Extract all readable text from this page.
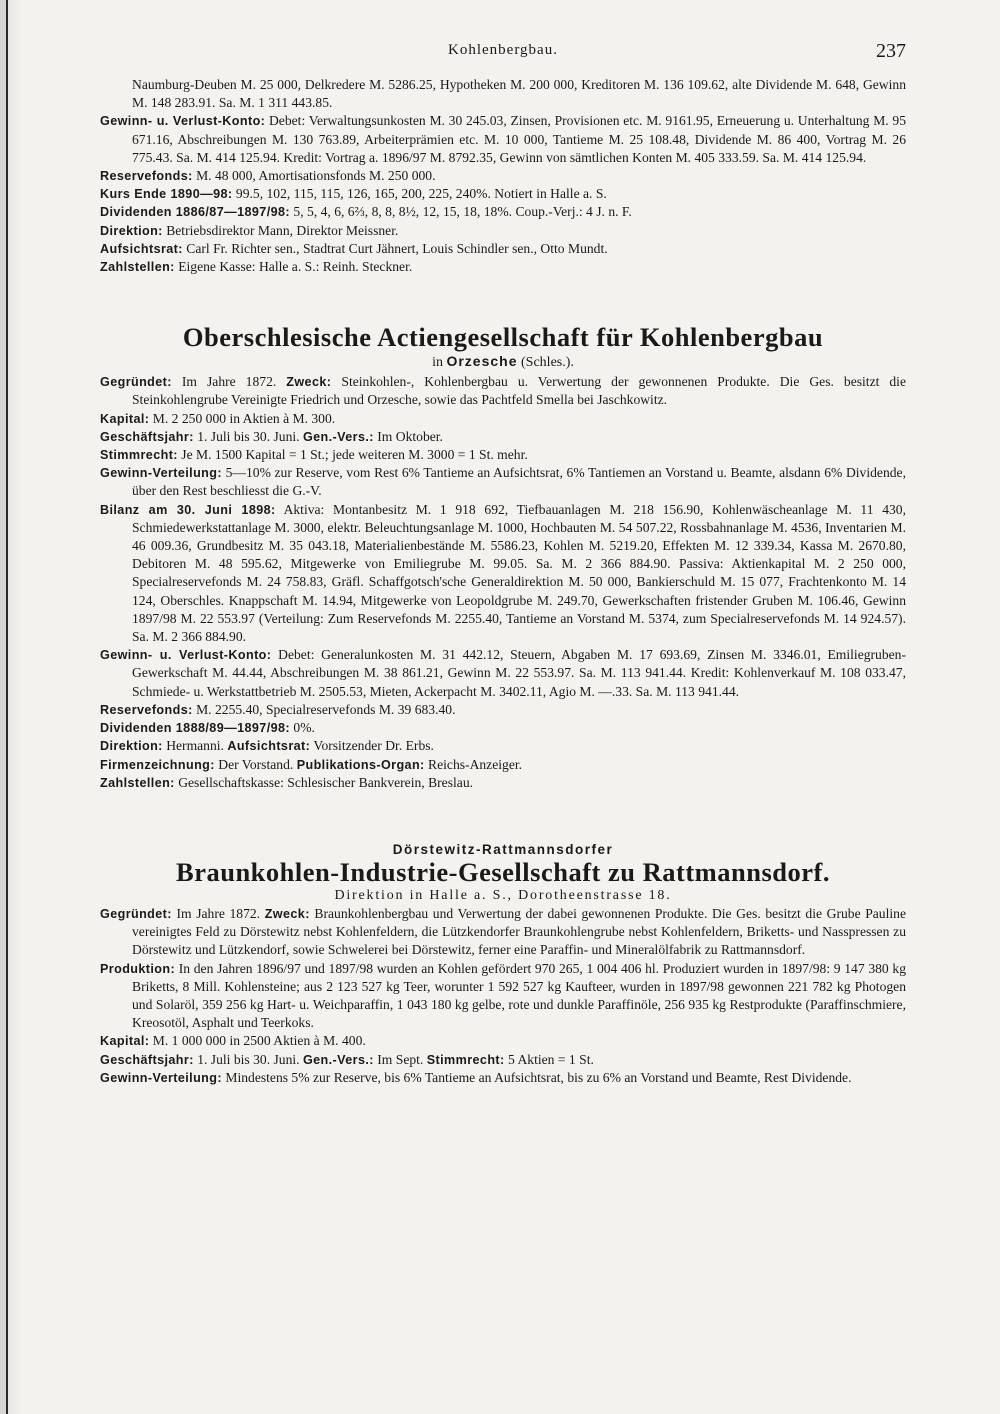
Kohlenbergbau.	237

Naumburg-Deuben M. 25 000, Delkredere M. 5286.25, Hypotheken M. 200 000, Kreditoren M. 136 109.62, alte Dividende M. 648, Gewinn M. 148 283.91. Sa. M. 1 311 443.85.

Gewinn- u. Verlust-Konto: Debet: Verwaltungsunkosten M. 30 245.03, Zinsen, Provisionen etc. M. 9161.95, Erneuerung u. Unterhaltung M. 95 671.16, Abschreibungen M. 130 763.89, Arbeiterprämien etc. M. 10 000, Tantieme M. 25 108.48, Dividende M. 86 400, Vortrag M. 26 775.43. Sa. M. 414 125.94. Kredit: Vortrag a. 1896/97 M. 8792.35, Gewinn von sämtlichen Konten M. 405 333.59. Sa. M. 414 125.94.

Reservefonds: M. 48 000, Amortisationsfonds M. 250 000.

Kurs Ende 1890—98: 99.5, 102, 115, 115, 126, 165, 200, 225, 240%. Notiert in Halle a. S.

Dividenden 1886/87—1897/98: 5, 5, 4, 6, 6⅔, 8, 8, 8½, 12, 15, 18, 18%. Coup.-Verj.: 4 J. n. F.

Direktion: Betriebsdirektor Mann, Direktor Meissner.

Aufsichtsrat: Carl Fr. Richter sen., Stadtrat Curt Jähnert, Louis Schindler sen., Otto Mundt.

Zahlstellen: Eigene Kasse: Halle a. S.: Reinh. Steckner.

Oberschlesische Actiengesellschaft für Kohlenbergbau

in Orzesche (Schles.).

Gegründet: Im Jahre 1872. Zweck: Steinkohlen-, Kohlenbergbau u. Verwertung der gewonnenen Produkte. Die Ges. besitzt die Steinkohlengrube Vereinigte Friedrich und Orzesche, sowie das Pachtfeld Smella bei Jaschkowitz.

Kapital: M. 2 250 000 in Aktien à M. 300.

Geschäftsjahr: 1. Juli bis 30. Juni. Gen.-Vers.: Im Oktober.

Stimmrecht: Je M. 1500 Kapital = 1 St.; jede weiteren M. 3000 = 1 St. mehr.

Gewinn-Verteilung: 5—10% zur Reserve, vom Rest 6% Tantieme an Aufsichtsrat, 6% Tantiemen an Vorstand u. Beamte, alsdann 6% Dividende, über den Rest beschliesst die G.-V.

Bilanz am 30. Juni 1898: Aktiva: Montanbesitz M. 1 918 692, Tiefbauanlagen M. 218 156.90, Kohlenwäscheanlage M. 11 430, Schmiedewerkstattanlage M. 3000, elektr. Beleuchtungsanlage M. 1000, Hochbauten M. 54 507.22, Rossbahnanlage M. 4536, Inventarien M. 46 009.36, Grundbesitz M. 35 043.18, Materialienbestände M. 5586.23, Kohlen M. 5219.20, Effekten M. 12 339.34, Kassa M. 2670.80, Debitoren M. 48 595.62, Mitgewerke von Emiliegrube M. 99.05. Sa. M. 2 366 884.90. Passiva: Aktienkapital M. 2 250 000, Specialreservefonds M. 24 758.83, Gräfl. Schaffgotsch'sche Generaldirektion M. 50 000, Bankierschuld M. 15 077, Frachtenkonto M. 14 124, Oberschles. Knappschaft M. 14.94, Mitgewerke von Leopoldgrube M. 249.70, Gewerkschaften fristender Gruben M. 106.46, Gewinn 1897/98 M. 22 553.97 (Verteilung: Zum Reservefonds M. 2255.40, Tantieme an Vorstand M. 5374, zum Specialreservefonds M. 14 924.57). Sa. M. 2 366 884.90.

Gewinn- u. Verlust-Konto: Debet: Generalunkosten M. 31 442.12, Steuern, Abgaben M. 17 693.69, Zinsen M. 3346.01, Emiliegruben-Gewerkschaft M. 44.44, Abschreibungen M. 38 861.21, Gewinn M. 22 553.97. Sa. M. 113 941.44. Kredit: Kohlenverkauf M. 108 033.47, Schmiede- u. Werkstattbetrieb M. 2505.53, Mieten, Ackerpacht M. 3402.11, Agio M. —.33. Sa. M. 113 941.44.

Reservefonds: M. 2255.40, Specialreservefonds M. 39 683.40.

Dividenden 1888/89—1897/98: 0%.

Direktion: Hermanni. Aufsichtsrat: Vorsitzender Dr. Erbs.

Firmenzeichnung: Der Vorstand. Publikations-Organ: Reichs-Anzeiger.

Zahlstellen: Gesellschaftskasse: Schlesischer Bankverein, Breslau.

Dörstewitz-Rattmannsdorfer

Braunkohlen-Industrie-Gesellschaft zu Rattmannsdorf.

Direktion in Halle a. S., Dorotheenstrasse 18.

Gegründet: Im Jahre 1872. Zweck: Braunkohlenbergbau und Verwertung der dabei gewonnenen Produkte. Die Ges. besitzt die Grube Pauline vereinigtes Feld zu Dörstewitz nebst Kohlenfeldern, die Lützkendorfer Braunkohlengrube nebst Kohlenfeldern, Briketts- und Nasspressen zu Dörstewitz und Lützkendorf, sowie Schwelerei bei Dörstewitz, ferner eine Paraffin- und Mineralölfabrik zu Rattmannsdorf.

Produktion: In den Jahren 1896/97 und 1897/98 wurden an Kohlen gefördert 970 265, 1 004 406 hl. Produziert wurden in 1897/98: 9 147 380 kg Briketts, 8 Mill. Kohlensteine; aus 2 123 527 kg Teer, worunter 1 592 527 kg Kaufteer, wurden in 1897/98 gewonnen 221 782 kg Photogen und Solaröl, 359 256 kg Hart- u. Weichparaffin, 1 043 180 kg gelbe, rote und dunkle Paraffinöle, 256 935 kg Restprodukte (Paraffinschmiere, Kreosotöl, Asphalt und Teerkoks.

Kapital: M. 1 000 000 in 2500 Aktien à M. 400.

Geschäftsjahr: 1. Juli bis 30. Juni. Gen.-Vers.: Im Sept. Stimmrecht: 5 Aktien = 1 St.

Gewinn-Verteilung: Mindestens 5% zur Reserve, bis 6% Tantieme an Aufsichtsrat, bis zu 6% an Vorstand und Beamte, Rest Dividende.
